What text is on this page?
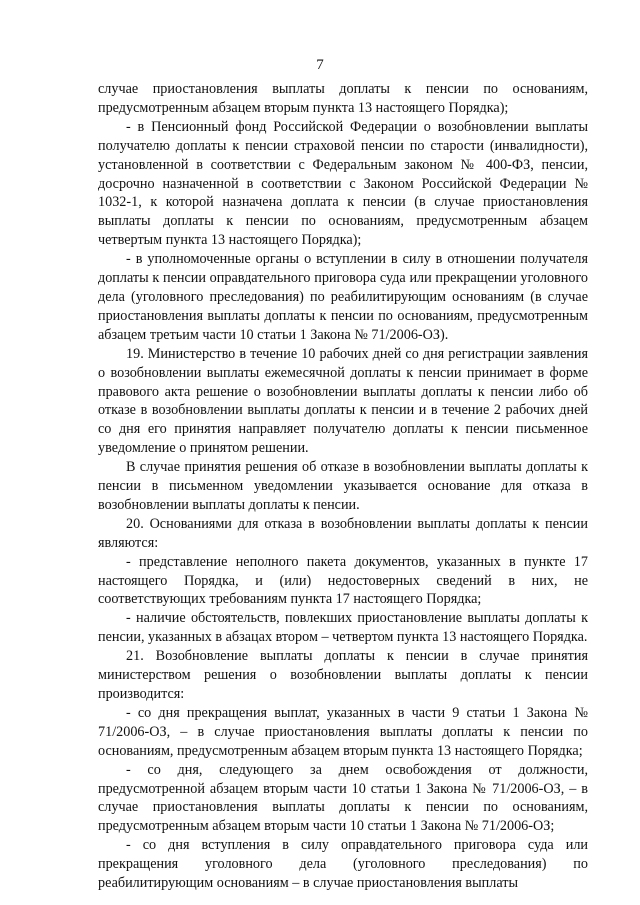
7

случае приостановления выплаты доплаты к пенсии по основаниям, предусмотренным абзацем вторым пункта 13 настоящего Порядка);

- в Пенсионный фонд Российской Федерации о возобновлении выплаты получателю доплаты к пенсии страховой пенсии по старости (инвалидности), установленной в соответствии с Федеральным законом № 400-ФЗ, пенсии, досрочно назначенной в соответствии с Законом Российской Федерации № 1032-1, к которой назначена доплата к пенсии (в случае приостановления выплаты доплаты к пенсии по основаниям, предусмотренным абзацем четвертым пункта 13 настоящего Порядка);

- в уполномоченные органы о вступлении в силу в отношении получателя доплаты к пенсии оправдательного приговора суда или прекращении уголовного дела (уголовного преследования) по реабилитирующим основаниям (в случае приостановления выплаты доплаты к пенсии по основаниям, предусмотренным абзацем третьим части 10 статьи 1 Закона № 71/2006-ОЗ).

19. Министерство в течение 10 рабочих дней со дня регистрации заявления о возобновлении выплаты ежемесячной доплаты к пенсии принимает в форме правового акта решение о возобновлении выплаты доплаты к пенсии либо об отказе в возобновлении выплаты доплаты к пенсии и в течение 2 рабочих дней со дня его принятия направляет получателю доплаты к пенсии письменное уведомление о принятом решении.

В случае принятия решения об отказе в возобновлении выплаты доплаты к пенсии в письменном уведомлении указывается основание для отказа в возобновлении выплаты доплаты к пенсии.

20. Основаниями для отказа в возобновлении выплаты доплаты к пенсии являются:

- представление неполного пакета документов, указанных в пункте 17 настоящего Порядка, и (или) недостоверных сведений в них, не соответствующих требованиям пункта 17 настоящего Порядка;

- наличие обстоятельств, повлекших приостановление выплаты доплаты к пенсии, указанных в абзацах втором – четвертом пункта 13 настоящего Порядка.

21. Возобновление выплаты доплаты к пенсии в случае принятия министерством решения о возобновлении выплаты доплаты к пенсии производится:

- со дня прекращения выплат, указанных в части 9 статьи 1 Закона № 71/2006-ОЗ, – в случае приостановления выплаты доплаты к пенсии по основаниям, предусмотренным абзацем вторым пункта 13 настоящего Порядка;

- со дня, следующего за днем освобождения от должности, предусмотренной абзацем вторым части 10 статьи 1 Закона № 71/2006-ОЗ, – в случае приостановления выплаты доплаты к пенсии по основаниям, предусмотренным абзацем вторым части 10 статьи 1 Закона № 71/2006-ОЗ;

- со дня вступления в силу оправдательного приговора суда или прекращения уголовного дела (уголовного преследования) по реабилитирующим основаниям – в случае приостановления выплаты
